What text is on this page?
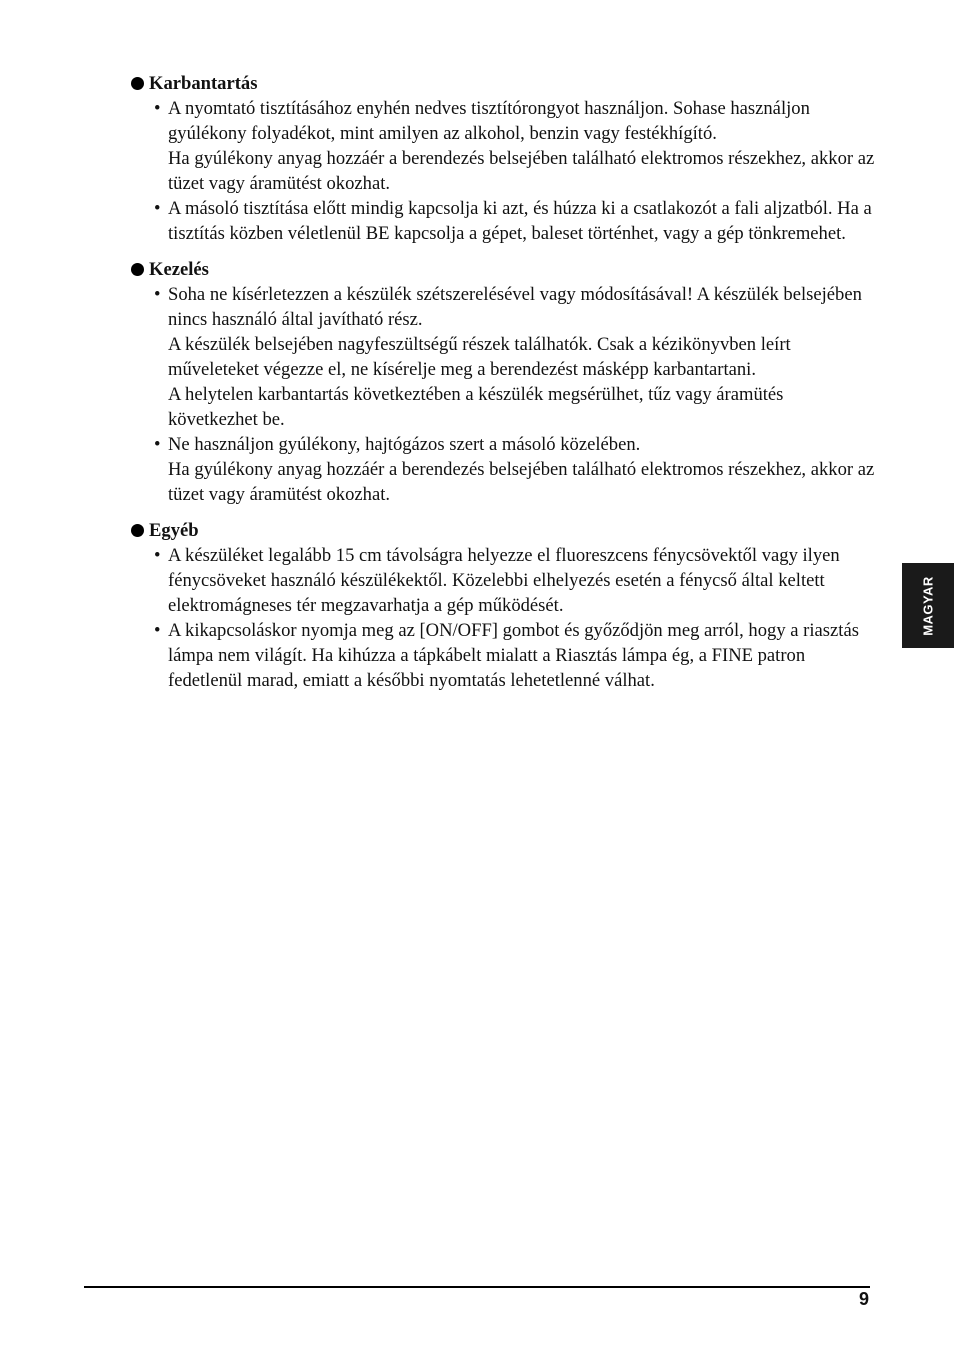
Karbantartás
• A nyomtató tisztításához enyhén nedves tisztítórongyot használjon. Sohase használjon gyúlékony folyadékot, mint amilyen az alkohol, benzin vagy festékhígító.
Ha gyúlékony anyag hozzáér a berendezés belsejében található elektromos részekhez, akkor az tüzet vagy áramütést okozhat.
• A másoló tisztítása előtt mindig kapcsolja ki azt, és húzza ki a csatlakozót a fali aljzatból. Ha a tisztítás közben véletlenül BE kapcsolja a gépet, baleset történhet, vagy a gép tönkremehet.
Kezelés
• Soha ne kísérletezzen a készülék szétszerelésével vagy módosításával! A készülék belsejében nincs használó által javítható rész.
A készülék belsejében nagyfeszültségű részek találhatók. Csak a kézikönyvben leírt műveleteket végezze el, ne kísérelje meg a berendezést másképp karbantartani.
A helytelen karbantartás következtében a készülék megsérülhet, tűz vagy áramütés következhet be.
• Ne használjon gyúlékony, hajtógázos szert a másoló közelében.
Ha gyúlékony anyag hozzáér a berendezés belsejében található elektromos részekhez, akkor az tüzet vagy áramütést okozhat.
Egyéb
• A készüléket legalább 15 cm távolságra helyezze el fluoreszcens fénycsövektől vagy ilyen fénycsöveket használó készülékektől. Közelebbi elhelyezés esetén a fénycső által keltett elektromágneses tér megzavarhatja a gép működését.
• A kikapcsoláskor nyomja meg az [ON/OFF] gombot és győződjön meg arról, hogy a riasztás lámpa nem világít. Ha kihúzza a tápkábelt mialatt a Riasztás lámpa ég, a FINE patron fedetlenül marad, emiatt a későbbi nyomtatás lehetetlenné válhat.
MAGYAR
9
